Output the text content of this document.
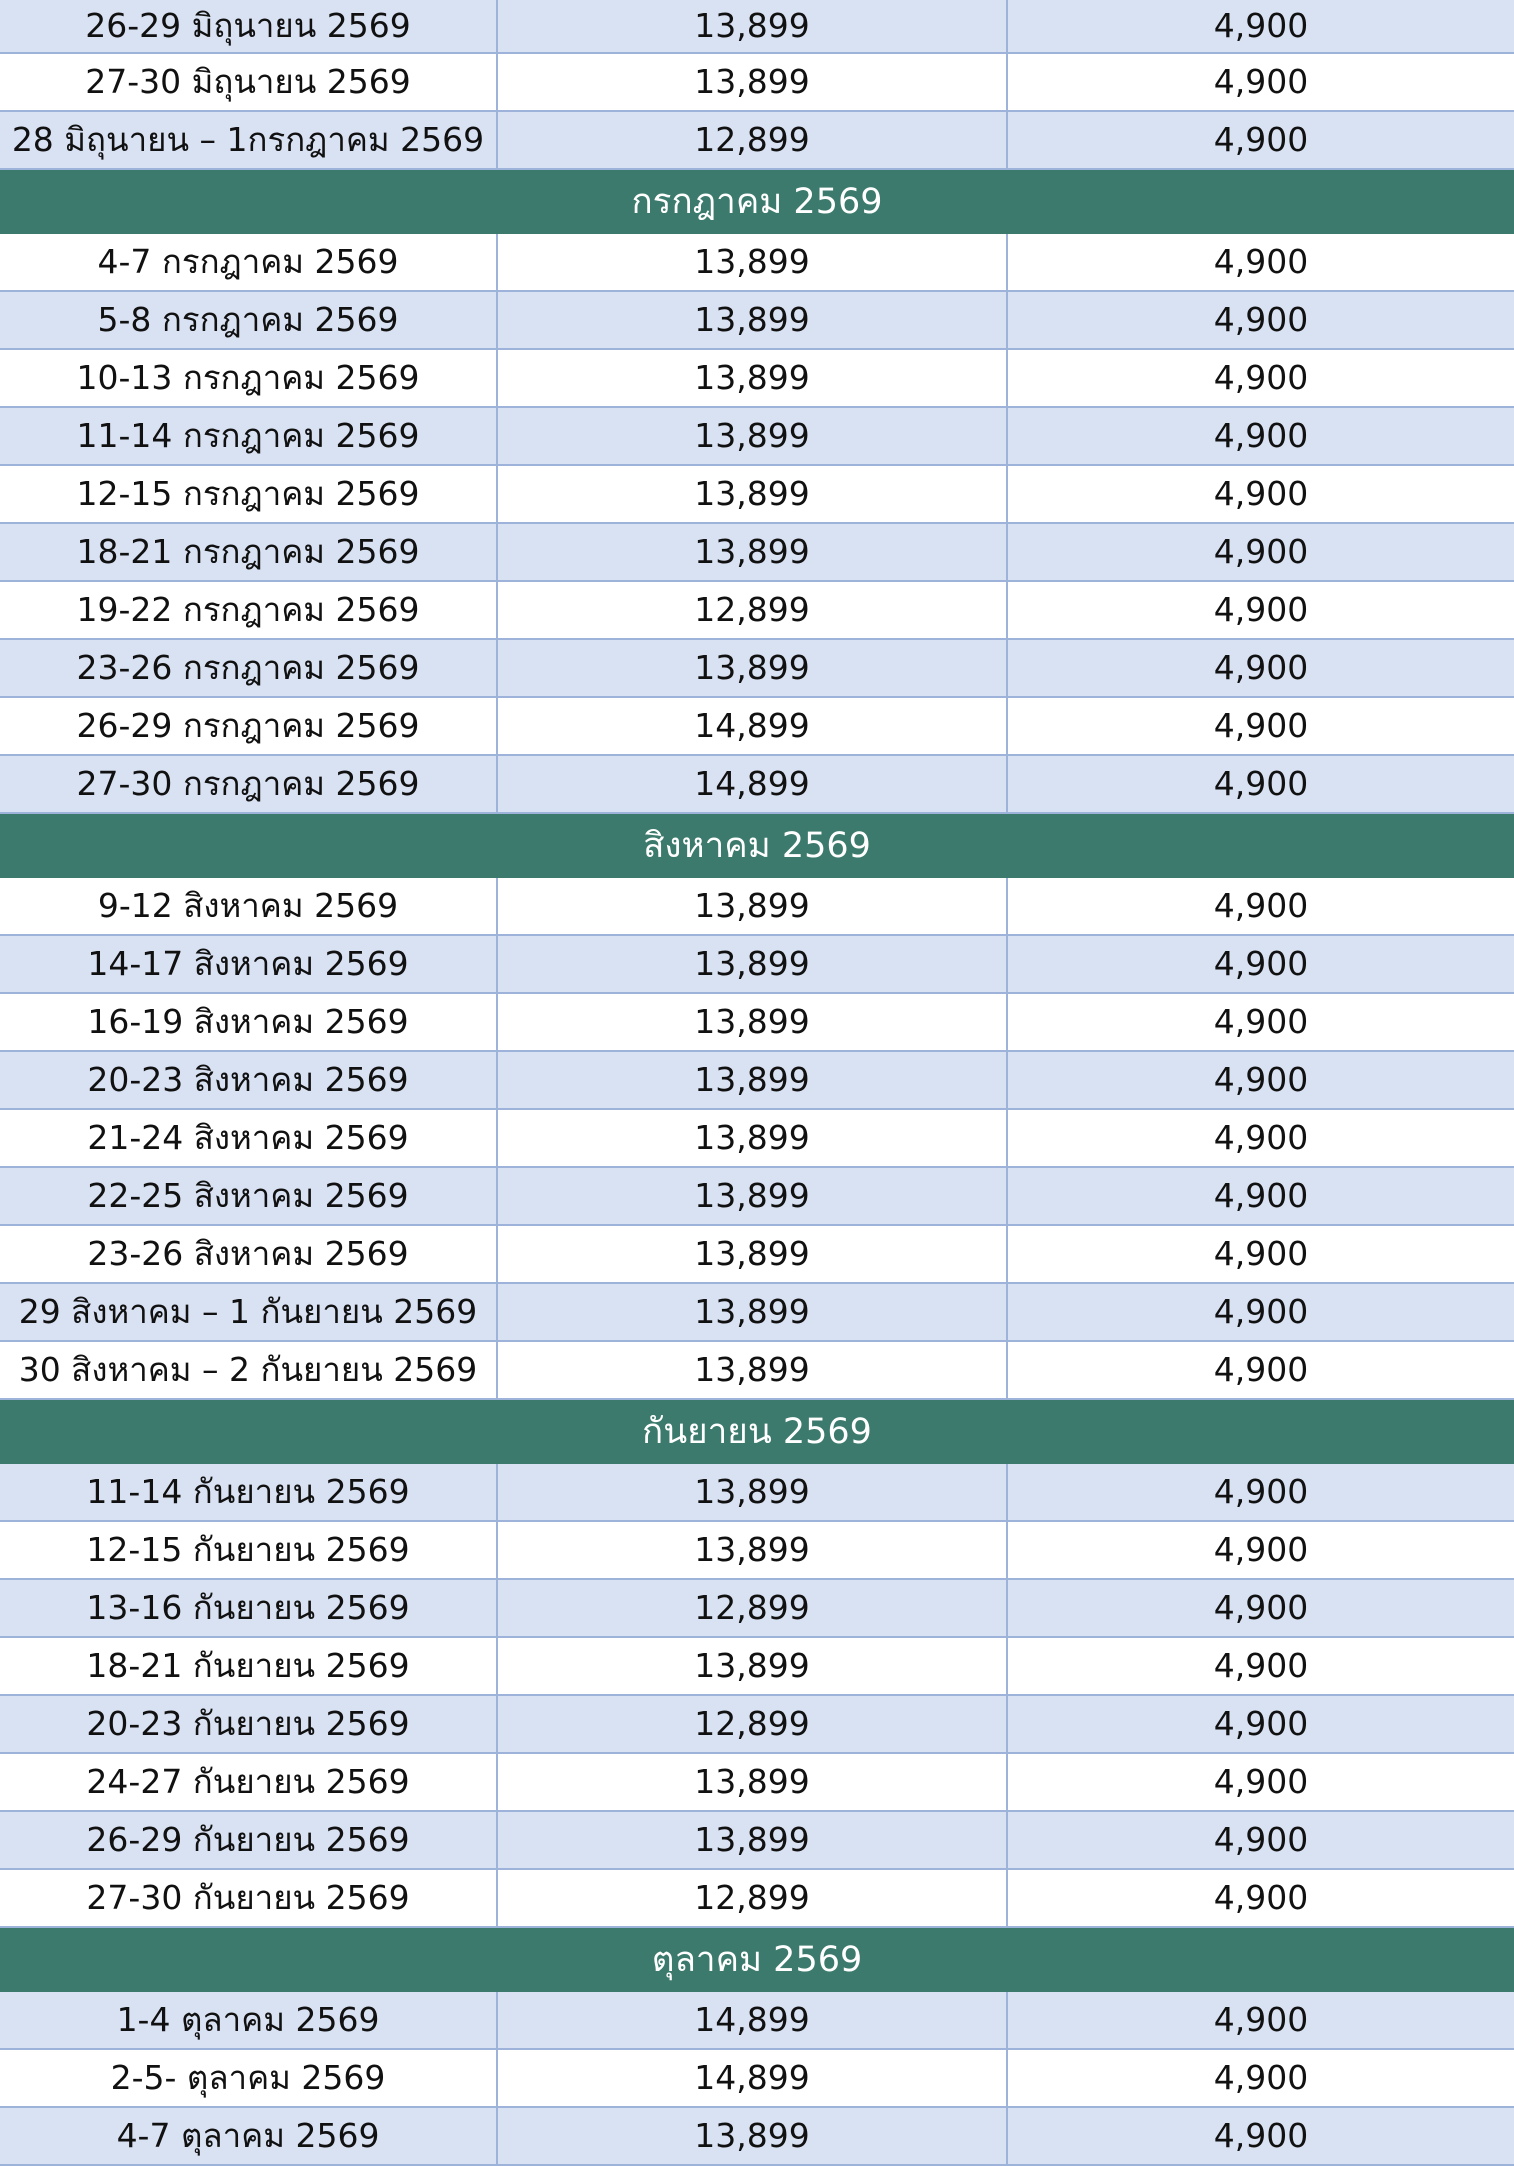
26-29 มิถุนายน 2569	13,899	4,900
27-30 มิถุนายน 2569	13,899	4,900
28 มิถุนายน – 1กรกฎาคม 2569	12,899	4,900
กรกฎาคม 2569
4-7 กรกฎาคม 2569	13,899	4,900
5-8 กรกฎาคม 2569	13,899	4,900
10-13 กรกฎาคม 2569	13,899	4,900
11-14 กรกฎาคม 2569	13,899	4,900
12-15 กรกฎาคม 2569	13,899	4,900
18-21 กรกฎาคม 2569	13,899	4,900
19-22 กรกฎาคม 2569	12,899	4,900
23-26 กรกฎาคม 2569	13,899	4,900
26-29 กรกฎาคม 2569	14,899	4,900
27-30 กรกฎาคม 2569	14,899	4,900
สิงหาคม 2569
9-12 สิงหาคม 2569	13,899	4,900
14-17 สิงหาคม 2569	13,899	4,900
16-19 สิงหาคม 2569	13,899	4,900
20-23 สิงหาคม 2569	13,899	4,900
21-24 สิงหาคม 2569	13,899	4,900
22-25 สิงหาคม 2569	13,899	4,900
23-26 สิงหาคม 2569	13,899	4,900
29 สิงหาคม – 1 กันยายน 2569	13,899	4,900
30 สิงหาคม – 2 กันยายน 2569	13,899	4,900
กันยายน 2569
11-14 กันยายน 2569	13,899	4,900
12-15 กันยายน 2569	13,899	4,900
13-16 กันยายน 2569	12,899	4,900
18-21 กันยายน 2569	13,899	4,900
20-23 กันยายน 2569	12,899	4,900
24-27 กันยายน 2569	13,899	4,900
26-29 กันยายน 2569	13,899	4,900
27-30 กันยายน 2569	12,899	4,900
ตุลาคม 2569
1-4 ตุลาคม 2569	14,899	4,900
2-5- ตุลาคม 2569	14,899	4,900
4-7 ตุลาคม 2569	13,899	4,900
